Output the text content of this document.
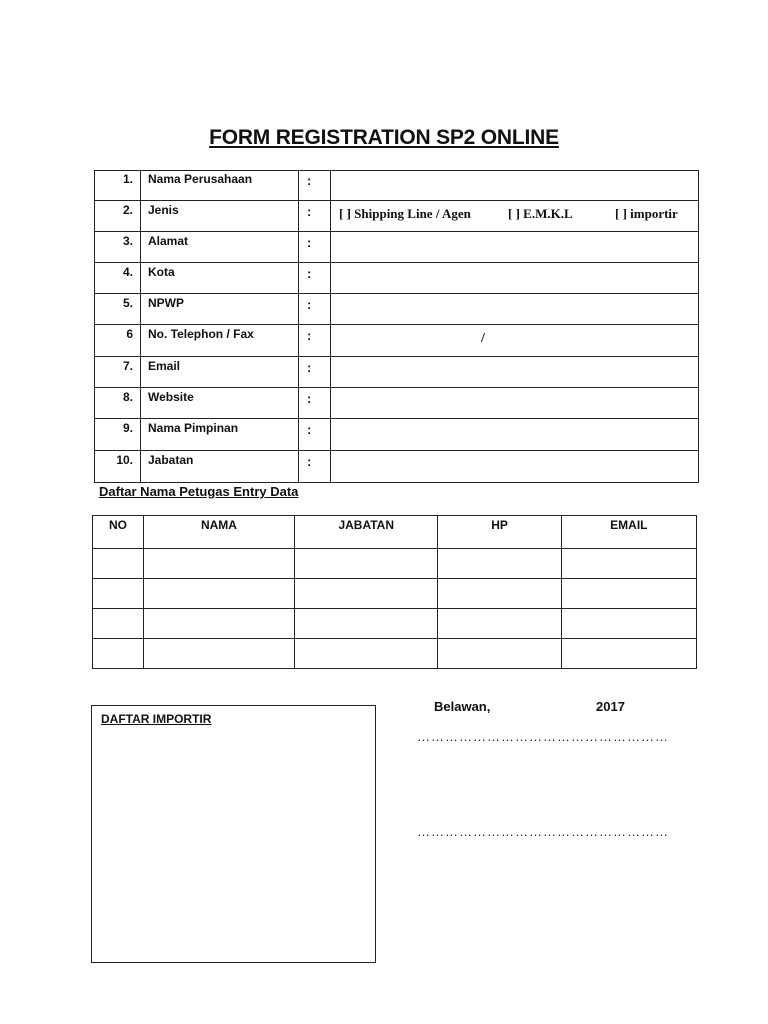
FORM REGISTRATION SP2 ONLINE
1.	Nama Perusahaan	:
2.	Jenis	:	[ ] Shipping Line / Agen	[ ] E.M.K.L	[ ] importir
3.	Alamat	:
4.	Kota	:
5.	NPWP	:
6	No. Telephon / Fax	:	/
7.	Email	:
8.	Website	:
9.	Nama Pimpinan	:
10.	Jabatan	:
Daftar Nama Petugas Entry Data
NO	NAMA	JABATAN	HP	EMAIL

DAFTAR IMPORTIR
Belawan,	2017
………………………………………………
………………………………………………
